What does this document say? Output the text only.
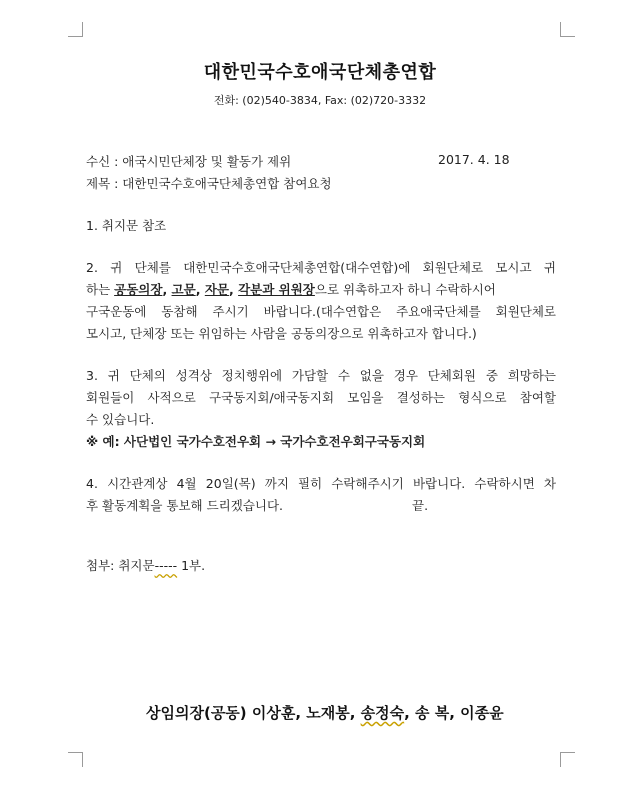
대한민국수호애국단체총연합
전화: (02)540-3834, Fax: (02)720-3332
수신 : 애국시민단체장 및 활동가 제위	2017. 4. 18
제목 : 대한민국수호애국단체총연합 참여요청
1. 취지문 참조
2. 귀 단체를 대한민국수호애국단체총연합(대수연합)에 회원단체로 모시고 귀
하는 공동의장, 고문, 자문, 각분과 위원장으로 위촉하고자 하니 수락하시어
구국운동에 동참해 주시기 바랍니다.(대수연합은 주요애국단체를 회원단체로
모시고, 단체장 또는 위임하는 사람을 공동의장으로 위촉하고자 합니다.)
3. 귀 단체의 성격상 정치행위에 가담할 수 없을 경우 단체회원 중 희망하는
회원들이 사적으로 구국동지회/애국동지회 모임을 결성하는 형식으로 참여할
수 있습니다.
※ 예: 사단법인 국가수호전우회 → 국가수호전우회구국동지회
4. 시간관계상 4월 20일(목) 까지 필히 수락해주시기 바랍니다. 수락하시면 차
후 활동계획을 통보해 드리겠습니다.	끝.
첨부: 취지문----- 1부.
상임의장(공동) 이상훈, 노재봉, 송정숙, 송 복, 이종윤
